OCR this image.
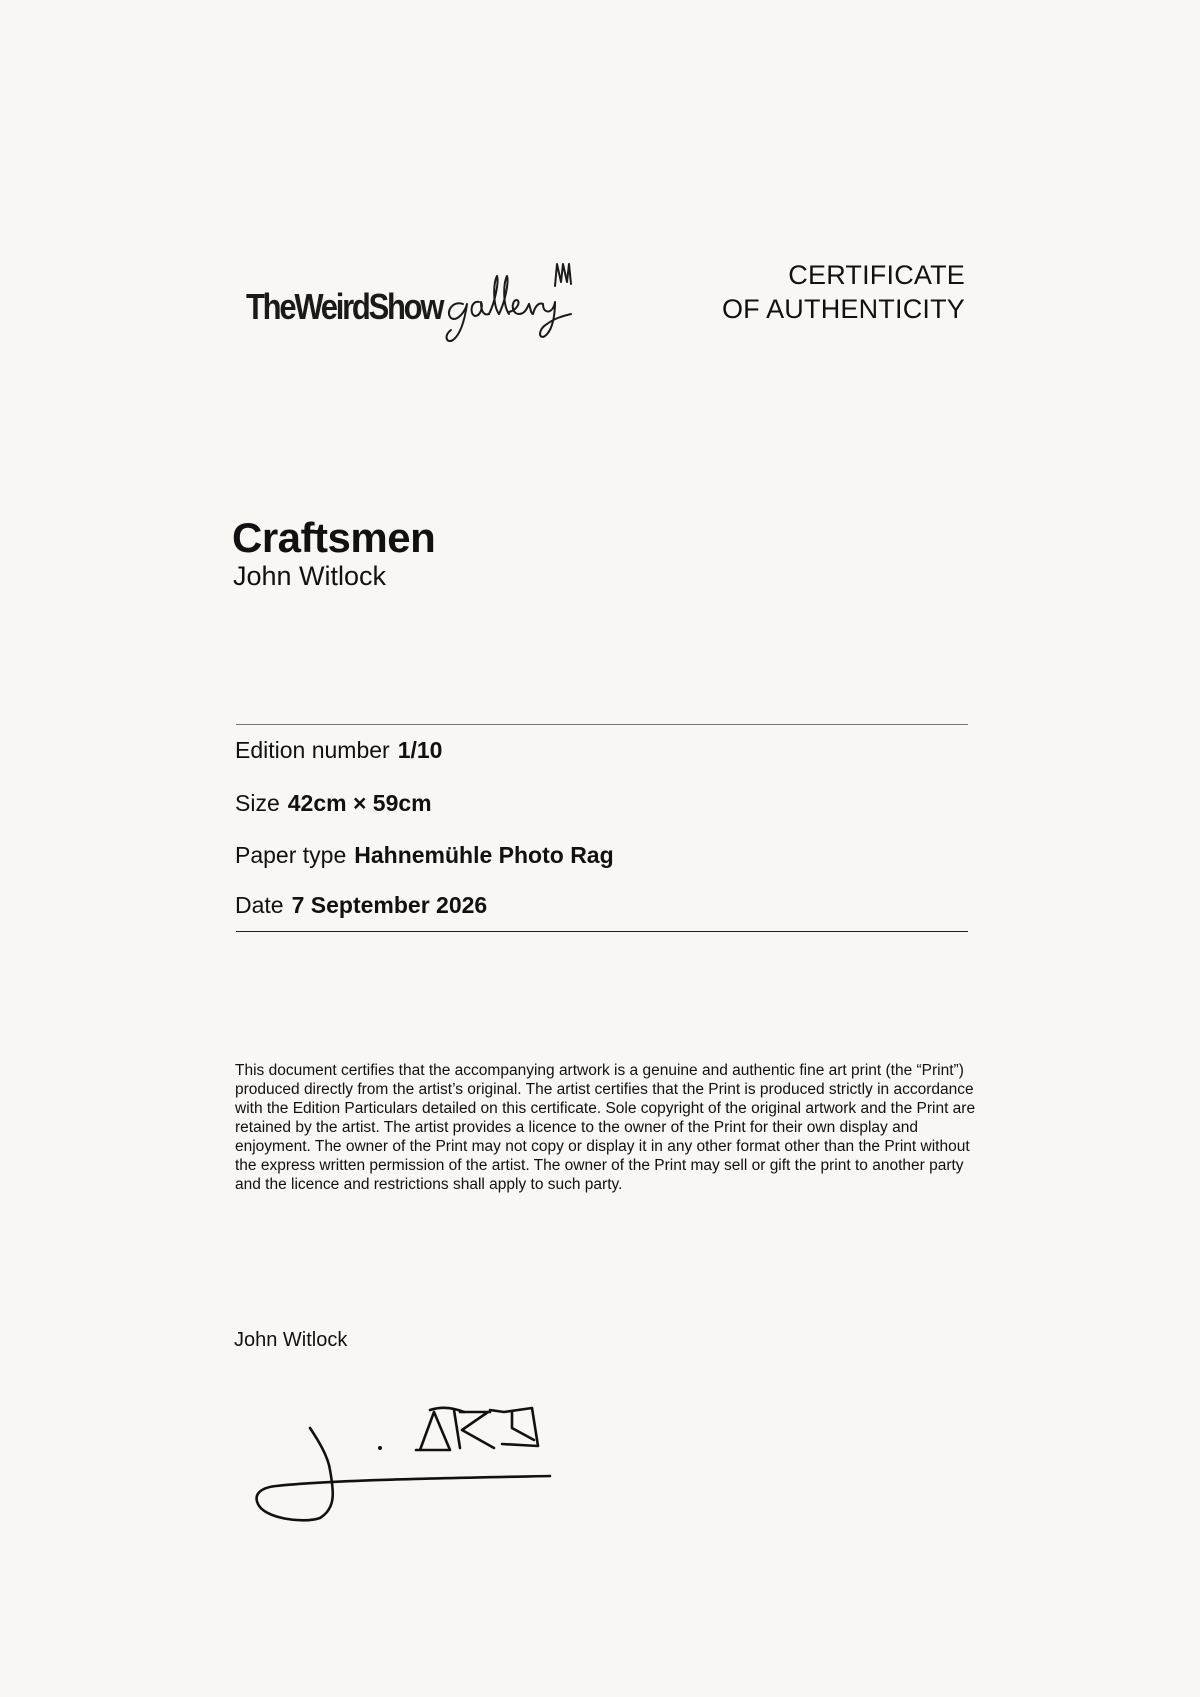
TheWeirdShow
CERTIFICATE
OF AUTHENTICITY
Craftsmen
John Witlock
Edition number 1/10
Size 42cm × 59cm
Paper type Hahnemühle Photo Rag
Date 7 September 2026
This document certifies that the accompanying artwork is a genuine and authentic fine art print (the “Print”) produced directly from the artist’s original. The artist certifies that the Print is produced strictly in accordance with the Edition Particulars detailed on this certificate. Sole copyright of the original artwork and the Print are retained by the artist. The artist provides a licence to the owner of the Print for their own display and enjoyment. The owner of the Print may not copy or display it in any other format other than the Print without the express written permission of the artist. The owner of the Print may sell or gift the print to another party and the licence and restrictions shall apply to such party.
John Witlock
